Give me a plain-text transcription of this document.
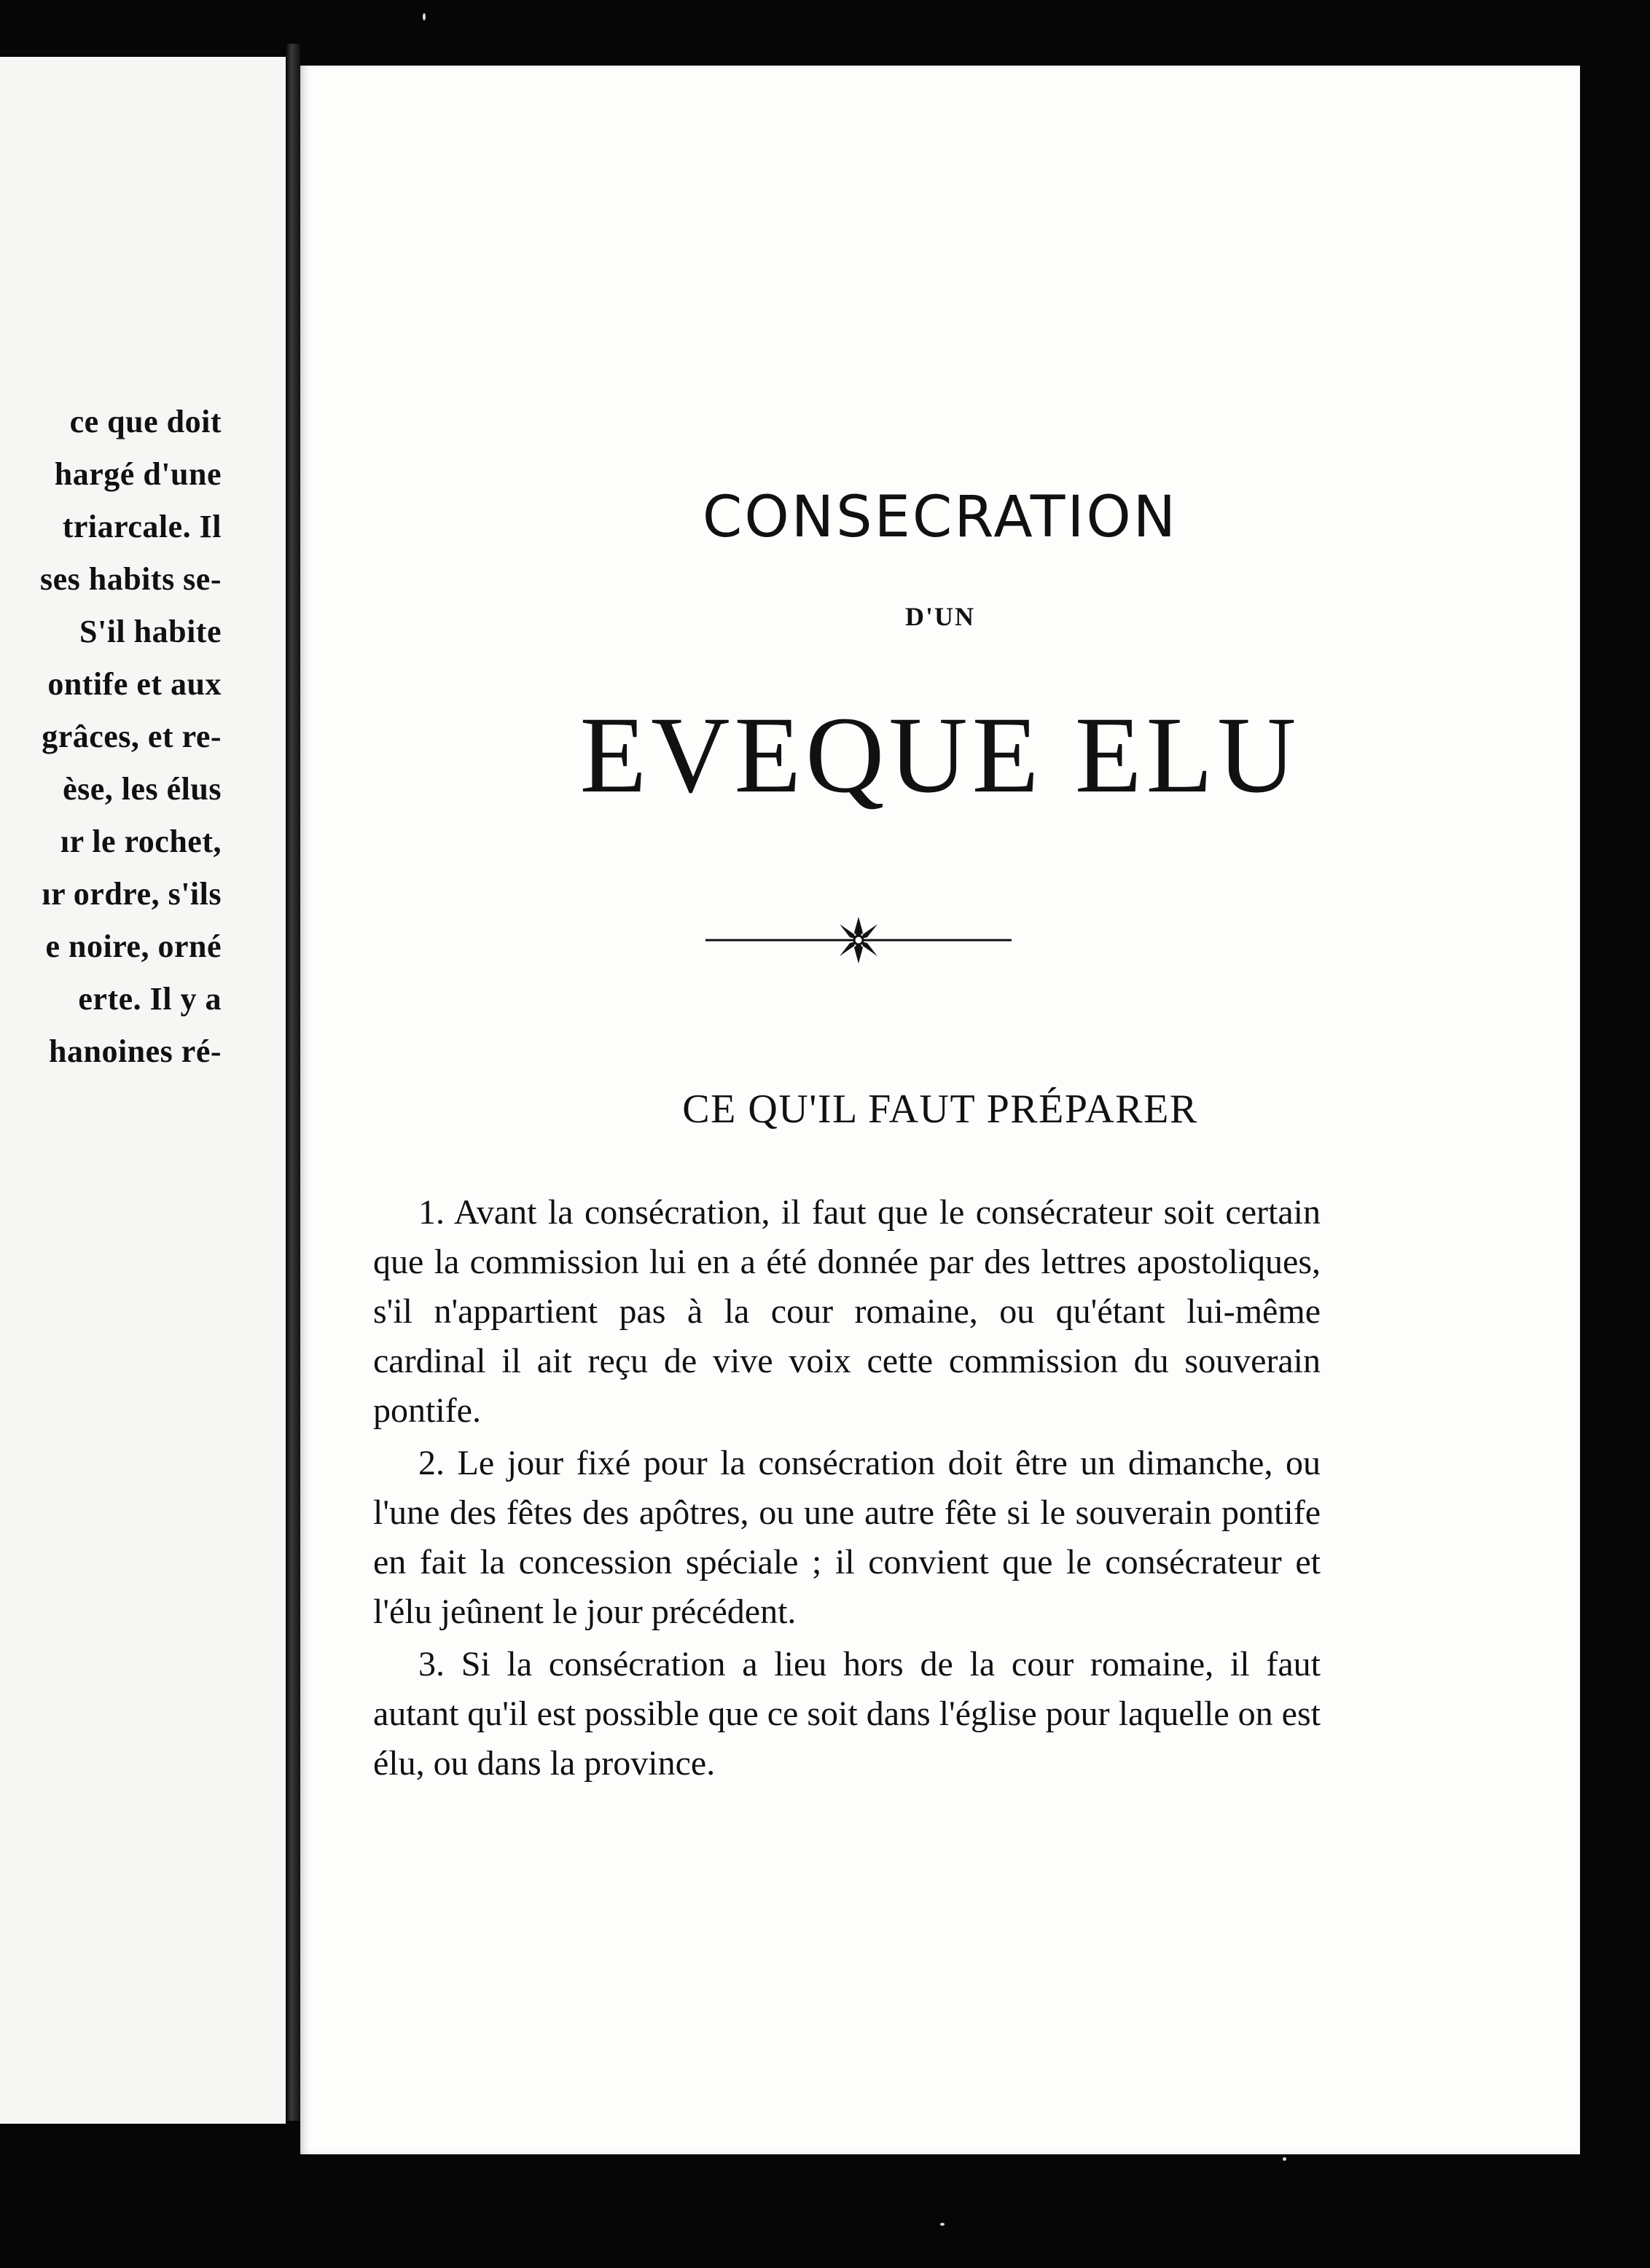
ce que doit
hargé d'une
triarcale. Il
ses habits se-
S'il habite
ontife et aux
grâces, et re-
èse, les élus
ır le rochet,
ır ordre, s'ils
e noire, orné
erte. Il y a
hanoines ré-
CONSECRATION
D'UN
EVEQUE ELU
CE QU'IL FAUT PRÉPARER

1. Avant la consécration, il faut que le consécrateur soit certain que la commission lui en a été donnée par des lettres apostoliques, s'il n'appartient pas à la cour romaine, ou qu'étant lui-même cardinal il ait reçu de vive voix cette commission du souverain pontife.

2. Le jour fixé pour la consécration doit être un dimanche, ou l'une des fêtes des apôtres, ou une autre fête si le souverain pontife en fait la concession spéciale ; il convient que le consécrateur et l'élu jeûnent le jour précédent.

3. Si la consécration a lieu hors de la cour romaine, il faut autant qu'il est possible que ce soit dans l'église pour laquelle on est élu, ou dans la province.
